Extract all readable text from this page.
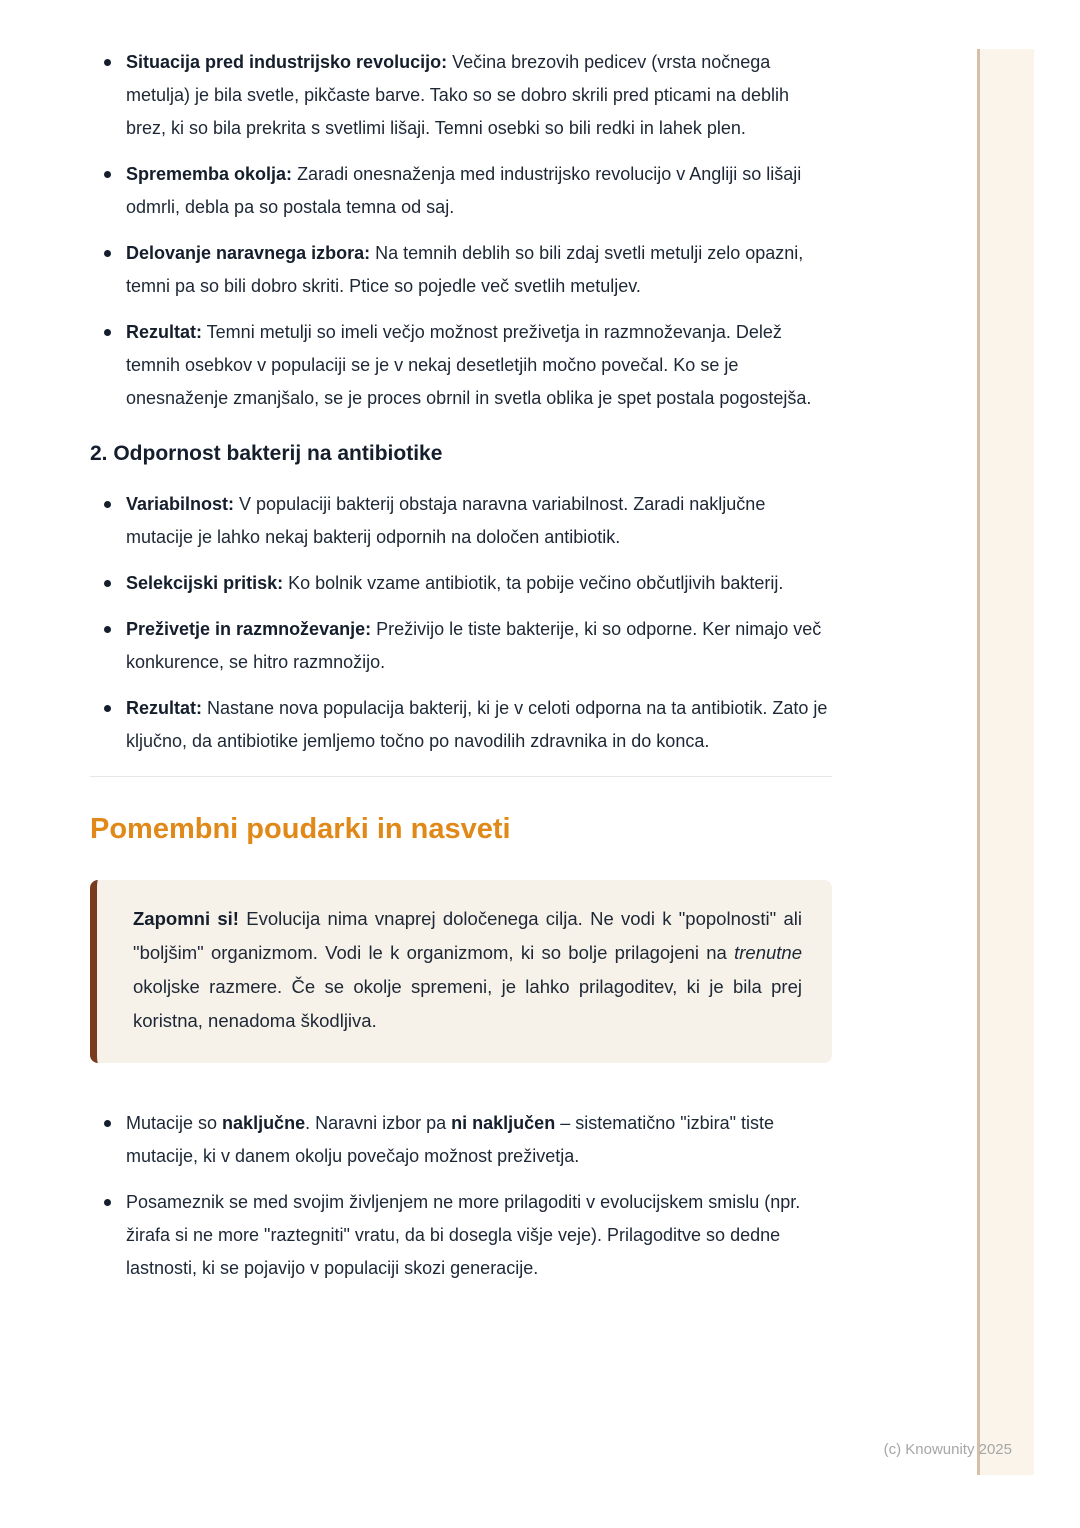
Situacija pred industrijsko revolucijo: Večina brezovih pedicev (vrsta nočnega metulja) je bila svetle, pikčaste barve. Tako so se dobro skrili pred pticami na deblih brez, ki so bila prekrita s svetlimi lišaji. Temni osebki so bili redki in lahek plen.
Sprememba okolja: Zaradi onesnaženja med industrijsko revolucijo v Angliji so lišaji odmrli, debla pa so postala temna od saj.
Delovanje naravnega izbora: Na temnih deblih so bili zdaj svetli metulji zelo opazni, temni pa so bili dobro skriti. Ptice so pojedle več svetlih metuljev.
Rezultat: Temni metulji so imeli večjo možnost preživetja in razmnoževanja. Delež temnih osebkov v populaciji se je v nekaj desetletjih močno povečal. Ko se je onesnaženje zmanjšalo, se je proces obrnil in svetla oblika je spet postala pogostejša.
2. Odpornost bakterij na antibiotike
Variabilnost: V populaciji bakterij obstaja naravna variabilnost. Zaradi naključne mutacije je lahko nekaj bakterij odpornih na določen antibiotik.
Selekcijski pritisk: Ko bolnik vzame antibiotik, ta pobije večino občutljivih bakterij.
Preživetje in razmnoževanje: Preživijo le tiste bakterije, ki so odporne. Ker nimajo več konkurence, se hitro razmnožijo.
Rezultat: Nastane nova populacija bakterij, ki je v celoti odporna na ta antibiotik. Zato je ključno, da antibiotike jemljemo točno po navodilih zdravnika in do konca.
Pomembni poudarki in nasveti

Zapomni si! Evolucija nima vnaprej določenega cilja. Ne vodi k "popolnosti" ali "boljšim" organizmom. Vodi le k organizmom, ki so bolje prilagojeni na trenutne okoljske razmere. Če se okolje spremeni, je lahko prilagoditev, ki je bila prej koristna, nenadoma škodljiva.

Mutacije so naključne. Naravni izbor pa ni naključen – sistematično "izbira" tiste mutacije, ki v danem okolju povečajo možnost preživetja.
Posameznik se med svojim življenjem ne more prilagoditi v evolucijskem smislu (npr. žirafa si ne more "raztegniti" vratu, da bi dosegla višje veje). Prilagoditve so dedne lastnosti, ki se pojavijo v populaciji skozi generacije.
(c) Knowunity 2025
